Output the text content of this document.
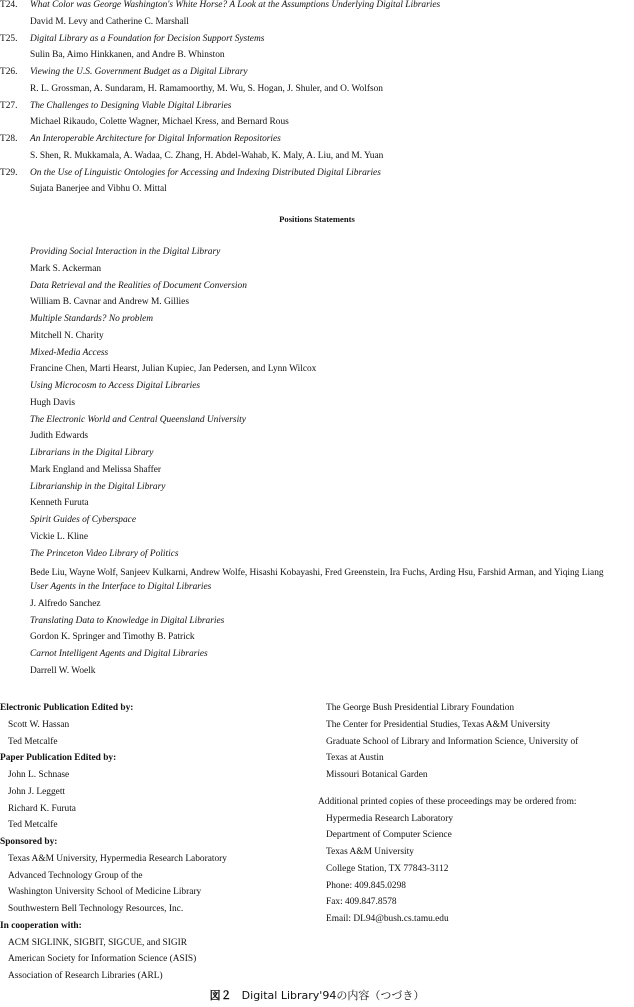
T24. What Color was George Washington's White Horse? A Look at the Assumptions Underlying Digital Libraries
David M. Levy and Catherine C. Marshall
T25. Digital Library as a Foundation for Decision Support Systems
Sulin Ba, Aimo Hinkkanen, and Andre B. Whinston
T26. Viewing the U.S. Government Budget as a Digital Library
R. L. Grossman, A. Sundaram, H. Ramamoorthy, M. Wu, S. Hogan, J. Shuler, and O. Wolfson
T27. The Challenges to Designing Viable Digital Libraries
Michael Rikaudo, Colette Wagner, Michael Kress, and Bernard Rous
T28. An Interoperable Architecture for Digital Information Repositories
S. Shen, R. Mukkamala, A. Wadaa, C. Zhang, H. Abdel-Wahab, K. Maly, A. Liu, and M. Yuan
T29. On the Use of Linguistic Ontologies for Accessing and Indexing Distributed Digital Libraries
Sujata Banerjee and Vibhu O. Mittal
Positions Statements
Providing Social Interaction in the Digital Library
Mark S. Ackerman
Data Retrieval and the Realities of Document Conversion
William B. Cavnar and Andrew M. Gillies
Multiple Standards? No problem
Mitchell N. Charity
Mixed-Media Access
Francine Chen, Marti Hearst, Julian Kupiec, Jan Pedersen, and Lynn Wilcox
Using Microcosm to Access Digital Libraries
Hugh Davis
The Electronic World and Central Queensland University
Judith Edwards
Librarians in the Digital Library
Mark England and Melissa Shaffer
Librarianship in the Digital Library
Kenneth Furuta
Spirit Guides of Cyberspace
Vickie L. Kline
The Princeton Video Library of Politics
Bede Liu, Wayne Wolf, Sanjeev Kulkarni, Andrew Wolfe, Hisashi Kobayashi, Fred Greenstein, Ira Fuchs, Arding Hsu, Farshid Arman, and Yiqing Liang
User Agents in the Interface to Digital Libraries
J. Alfredo Sanchez
Translating Data to Knowledge in Digital Libraries
Gordon K. Springer and Timothy B. Patrick
Carnot Intelligent Agents and Digital Libraries
Darrell W. Woelk
Electronic Publication Edited by:
Scott W. Hassan
Ted Metcalfe
Paper Publication Edited by:
John L. Schnase
John J. Leggett
Richard K. Furuta
Ted Metcalfe
Sponsored by:
Texas A&M University, Hypermedia Research Laboratory
Advanced Technology Group of the
Washington University School of Medicine Library
Southwestern Bell Technology Resources, Inc.
In cooperation with:
ACM SIGLINK, SIGBIT, SIGCUE, and SIGIR
American Society for Information Science (ASIS)
Association of Research Libraries (ARL)
The George Bush Presidential Library Foundation
The Center for Presidential Studies, Texas A&M University
Graduate School of Library and Information Science, University of
Texas at Austin
Missouri Botanical Garden
Additional printed copies of these proceedings may be ordered from:
Hypermedia Research Laboratory
Department of Computer Science
Texas A&M University
College Station, TX 77843-3112
Phone: 409.845.0298
Fax: 409.847.8578
Email: DL94@bush.cs.tamu.edu
図２ Digital Library'94の内容（つづき）
